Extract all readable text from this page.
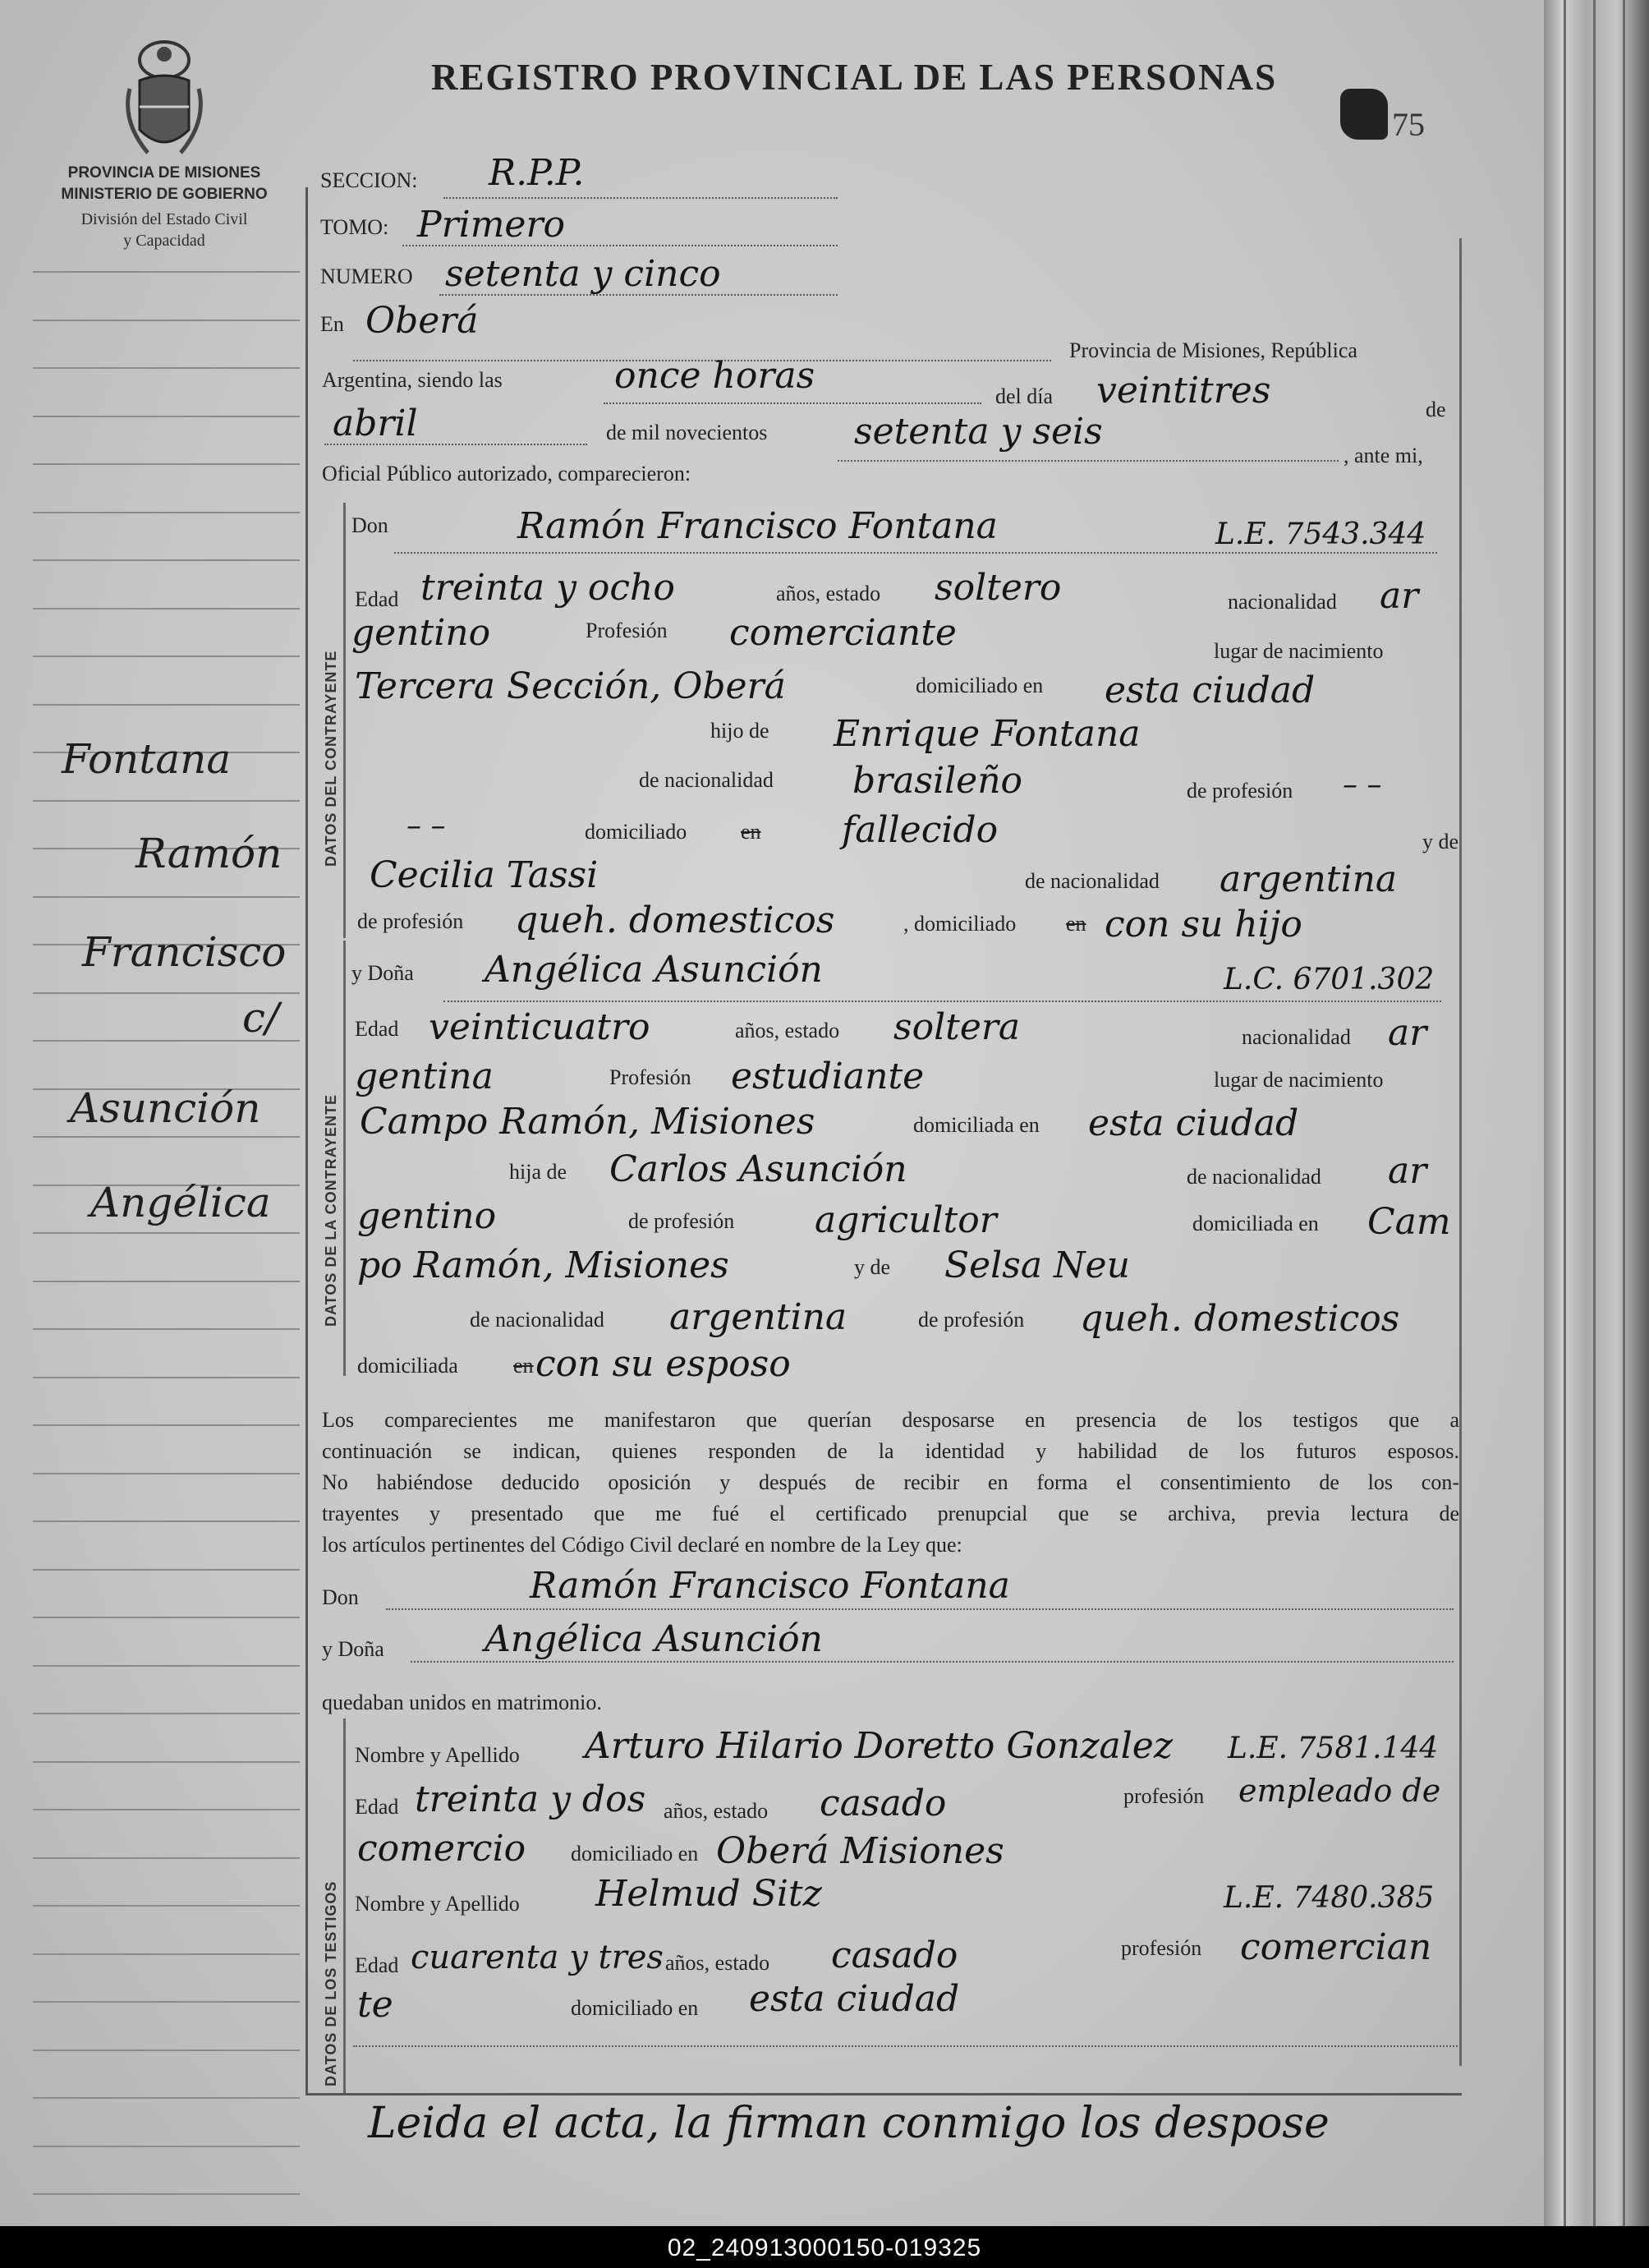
PROVINCIA DE MISIONES
MINISTERIO DE GOBIERNO
División del Estado Civil
y Capacidad
Fontana
Ramón
Francisco
c/
Asunción
Angélica
REGISTRO PROVINCIAL DE LAS PERSONAS
75
SECCION: R.P.P.
TOMO: Primero
NUMERO setenta y cinco
En Oberá
Provincia de Misiones, República
Argentina, siendo las	once horas	del día veintitres	de
abril	de mil novecientos setenta y seis
, ante mi,
Oficial Público autorizado, comparecieron:
DATOS DEL CONTRAYENTE
Don	Ramón Francisco Fontana	L.E. 7543.344
Edad treinta y ocho	años, estado soltero	nacionalidad ar
gentino	Profesión comerciante	lugar de nacimiento
Tercera Sección, Oberá	domiciliado en esta ciudad
hijo de Enrique Fontana
de nacionalidad brasileño	de profesión – –
– –	domiciliado	en fallecido	y de
Cecilia Tassi	de nacionalidad argentina
de profesión queh. domesticos	, domiciliado en con su hijo
DATOS DE LA CONTRAYENTE
y Doña Angélica Asunción	L.C. 6701.302
Edad veinticuatro	años, estado soltera	nacionalidad ar
gentina	Profesión estudiante	lugar de nacimiento
Campo Ramón, Misiones	domiciliada en esta ciudad
hija de Carlos Asunción	de nacionalidad ar
gentino	de profesión agricultor	domiciliada en Cam
po Ramón, Misiones	y de Selsa Neu
de nacionalidad argentina	de profesión queh. domesticos
domiciliada	en con su esposo
Los comparecientes me manifestaron que querían desposarse en presencia de los testigos que a
continuación se indican, quienes responden de la identidad y habilidad de los futuros esposos.
No habiéndose deducido oposición y después de recibir en forma el consentimiento de los con-
trayentes y presentado que me fué el certificado prenupcial que se archiva, previa lectura de
los artículos pertinentes del Código Civil declaré en nombre de la Ley que:
Don	Ramón Francisco Fontana
y Doña	Angélica Asunción
quedaban unidos en matrimonio.
DATOS DE LOS TESTIGOS
Nombre y Apellido Arturo Hilario Doretto Gonzalez L.E. 7581.144
Edad treinta y dos años, estado casado	profesión empleado de
comercio domiciliado en Oberá Misiones
Nombre y Apellido Helmud Sitz	L.E. 7480.385
Edad cuarenta y tres años, estado casado	profesión comercian
te	domiciliado en esta ciudad
Leida el acta, la firman conmigo los despose
02_240913000150-019325
